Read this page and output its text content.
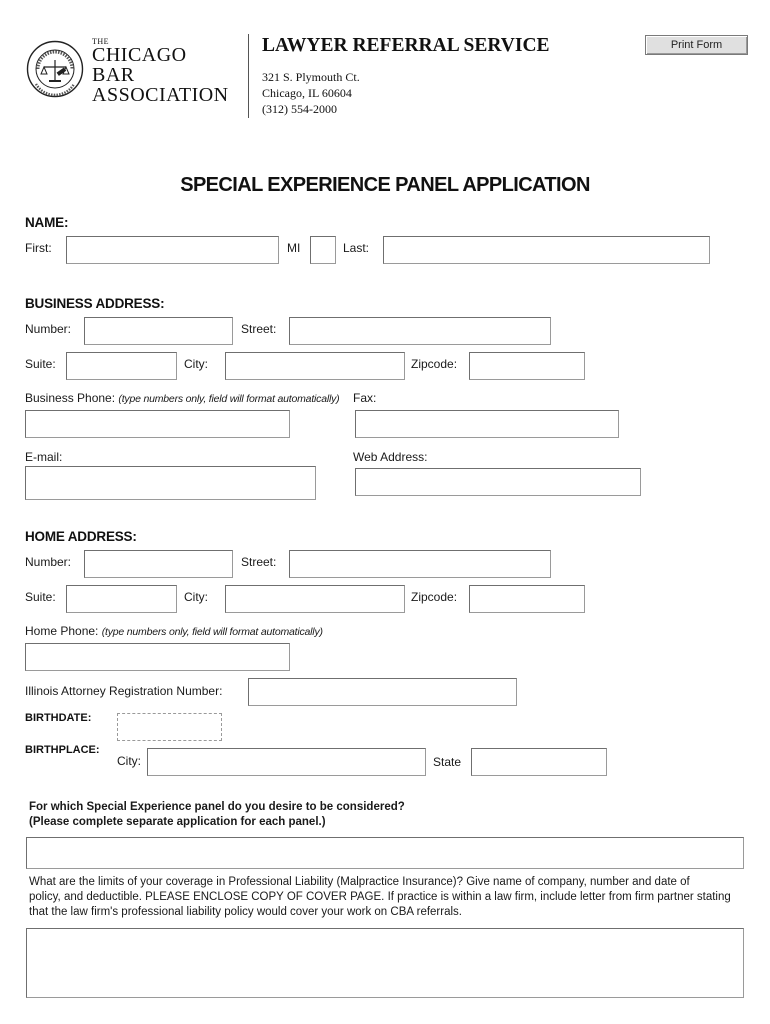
THE
CHICAGO
BAR
ASSOCIATION
LAWYER REFERRAL SERVICE
321 S. Plymouth Ct.
Chicago, IL 60604
(312) 554-2000
Print Form
SPECIAL EXPERIENCE PANEL APPLICATION
NAME:
First:	MI	Last:
BUSINESS ADDRESS:
Number:	Street:
Suite:	City:	Zipcode:
Business Phone: (type numbers only, field will format automatically) Fax:
E-mail:	Web Address:
HOME ADDRESS:
Number:	Street:
Suite:	City:	Zipcode:
Home Phone: (type numbers only, field will format automatically)
Illinois Attorney Registration Number:
BIRTHDATE:
BIRTHPLACE:
City:	State
For which Special Experience panel do you desire to be considered?
(Please complete separate application for each panel.)
What are the limits of your coverage in Professional Liability (Malpractice Insurance)? Give name of company, number and date of
policy, and deductible. PLEASE ENCLOSE COPY OF COVER PAGE. If practice is within a law firm, include letter from firm partner stating
that the law firm's professional liability policy would cover your work on CBA referrals.
